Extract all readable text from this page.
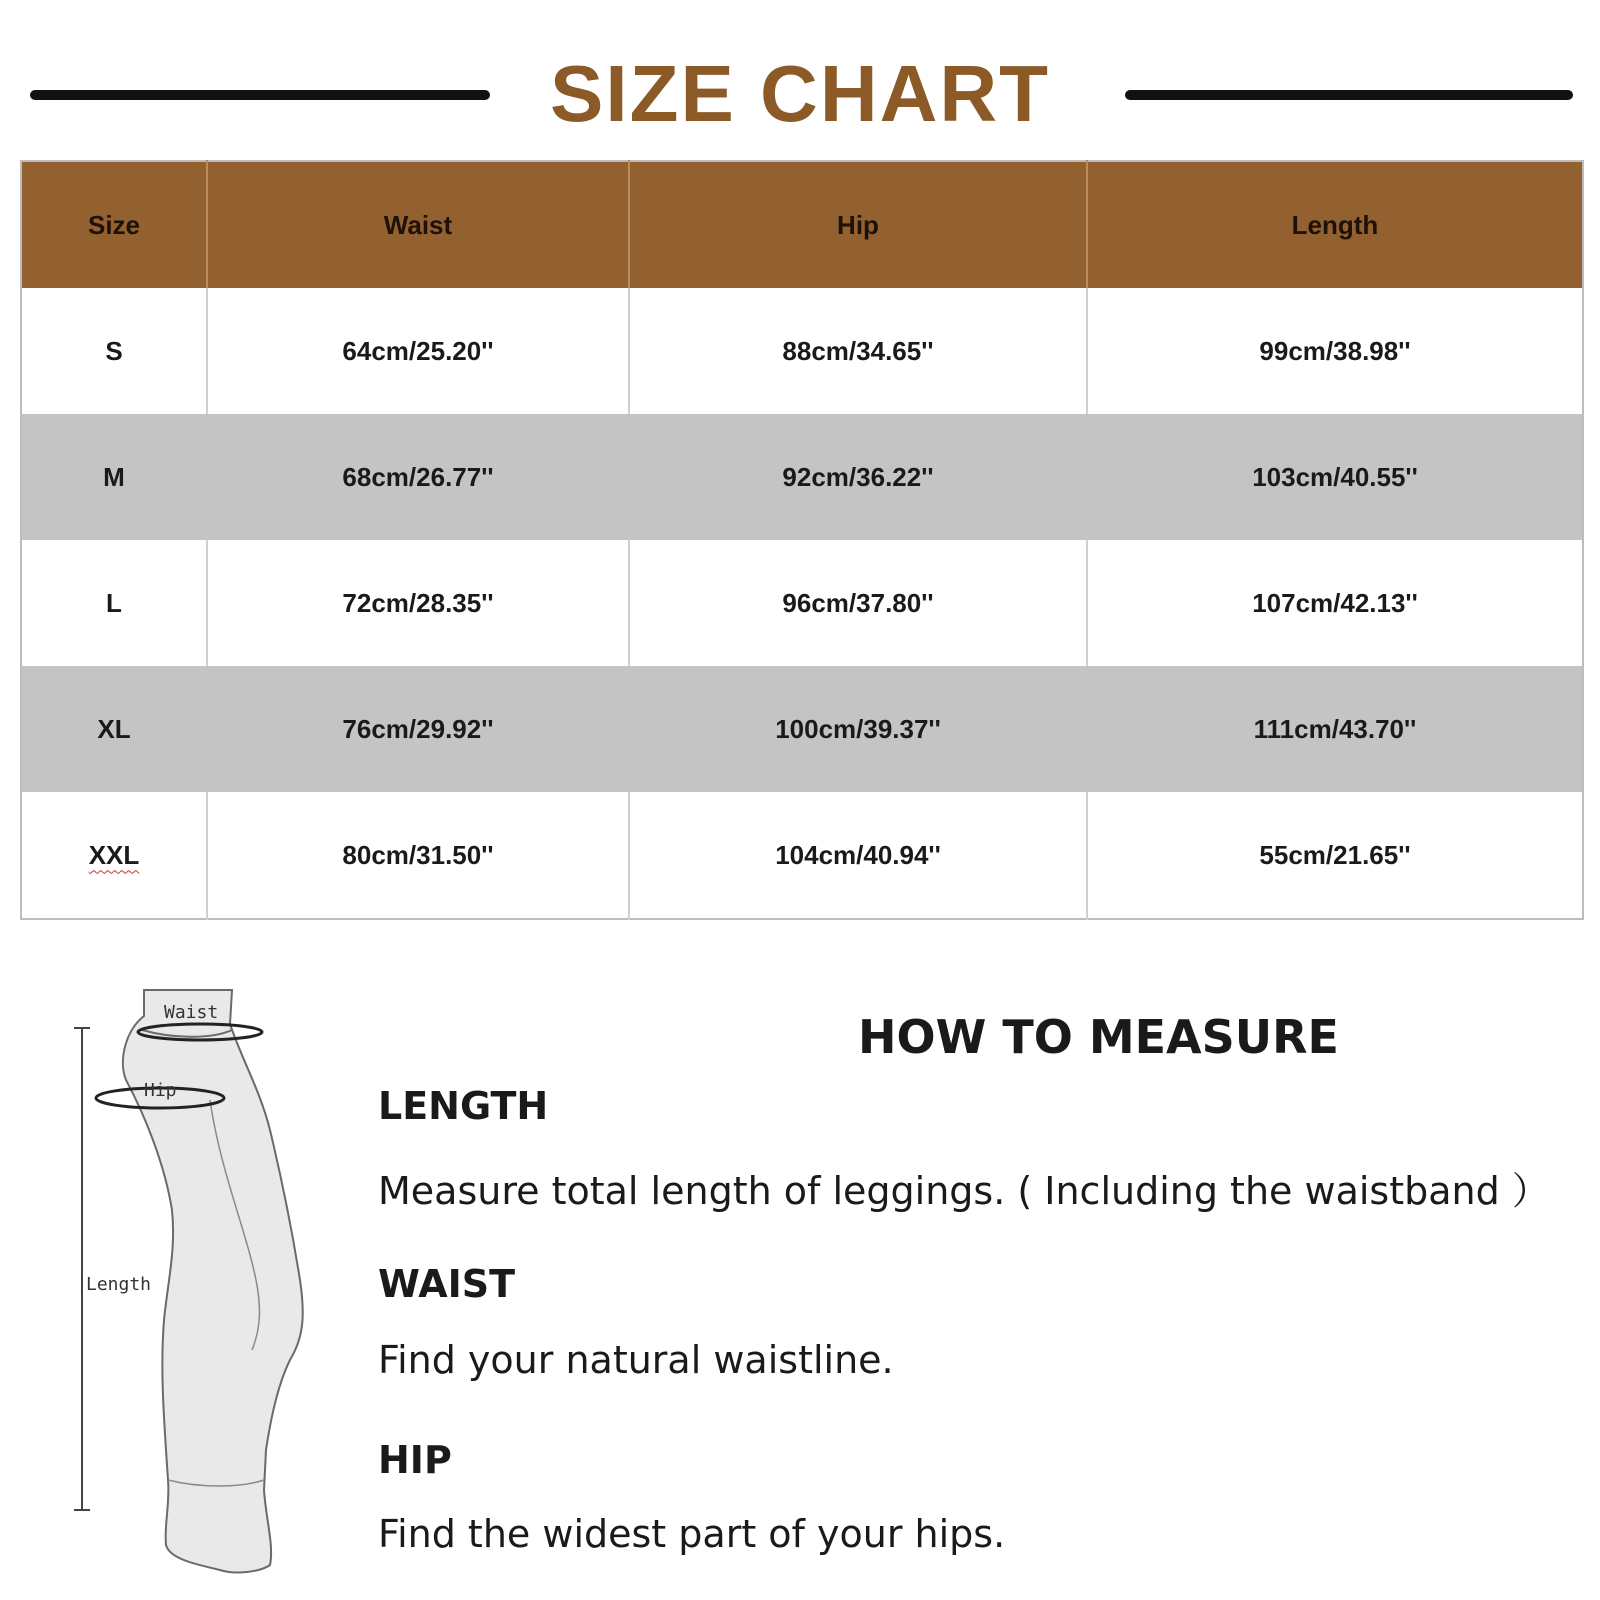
SIZE CHART
Size	Waist	Hip	Length
S	64cm/25.20''	88cm/34.65''	99cm/38.98''
M	68cm/26.77''	92cm/36.22''	103cm/40.55''
L	72cm/28.35''	96cm/37.80''	107cm/42.13''
XL	76cm/29.92''	100cm/39.37''	111cm/43.70''
XXL	80cm/31.50''	104cm/40.94''	55cm/21.65''
Waist
Hip
Length
HOW TO MEASURE
LENGTH
Measure total length of leggings. ( Including the waistband ）
WAIST
Find your natural waistline.
HIP
Find the widest part of your hips.
